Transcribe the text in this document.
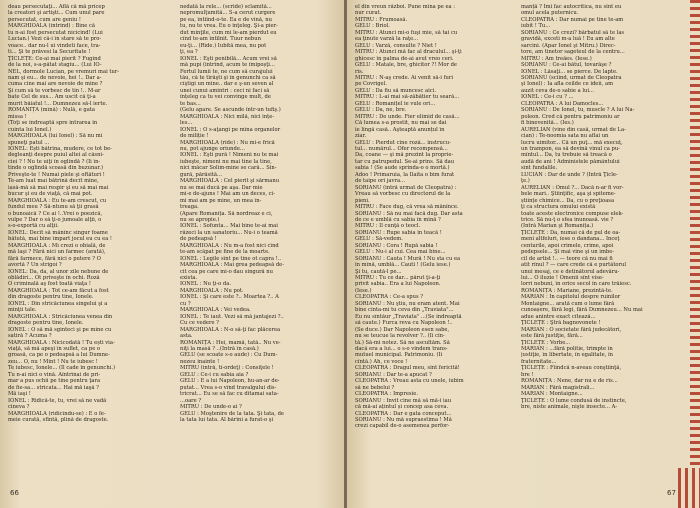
deau persecutaţi... Află că mă pricep

la creatori şi artişti... Cum unul pare

persecutat, cum are geniu !

MARGHIOALA (intrînd) : Bine că

tu n-ai fost persecutat nicicînd! (Lui

Lucian.) Vezi că-i în stare să te pro-

voace.. dar nu-l ui vindeti face, tra-

ti... Şi te prăvesi la Securitate !

ŢICLEȚE: Ce-ai mai pierit ? Fugind

de la noi, s-a-pătat stagiu... (Lui IO-

NEL, dormole Lucian, pe vremuri mai tur-

nam şi eu... de nevoie, hei !.. Dar a-

cuma cine mai are nevoie de mine ?

Şi cum să te vorbesc de tin !.. M-ar

bate Cel de sus... Am uscit că ţi-a

murit băiatul !... Dumnezeu să-l ierte.

ROMANIȚA (mînă) : Nulă, e gata

missa !

(Toţi se îndreaptă spre intrarea în

cuinta lui Ionel.)

MARGHIOALA (lui Ionel) : Să nu mi

spuneţi patul ...

IONEL: Ești bătrîna, mudere, ce tot be-

degleanţi despre puiul altei al căsni-

ciei ? ! Nu te uiţi în oglindă ? (Îi în-

tinde o oglindă scoasă din buzunar.)

Priveşte-te ! Numai piele şi oftături !

Te-am luat mai bătrînă decît mine,

iasă-mă să mai respir şi eu să mai mai

bucur şi eu de viaţă, că mai pot.

MARGHIOALA : Eu te-am crescut, cu

fundul meu ? Să-ntunu să ţii grasă

o bunoaică ? Ce ai !..Vrei o poezică,

vulpe ? Dar o să ţi-o jumoale alţii, o

s-o-exportă cu alţii.

IONEL: Decît să mănînc singur foame

bătută, mai bine împart jocul eu cu ea !

MARGHIOALA : Mi crezi o obială, de

mă laşi ? Fără nici un farmec (arată),

fără farmece, fără nici o putere ? O

avortă ? Un strigoi ?

IONEL: Da, da, al unor zile nebune de

oblădiri... Ot priveşte în ochi. Roză

O criminală aş fost toată viaţa !

MARGHIOALA : Tot ce-am făcut a fost

din dragoste pentru tine, Ionele.

IONEL : Din stricăciunea singelui şi a

minţii tale.

MARGHIOALA : Stricăciunea venea din

dragoste pentru tine, Ionele.

IONEL : O să mă sginteci şi pe mine cu

satiră ? Acuma ?

MARGHIOALA : Nicicodată ! Tu ești via-

viaţă, să mă apeşi în suflet, ca pe o

groasă, ca pe o pedeapsă a lui Dumne-

zeu... O, nu ! Mint ! Nu te iubesc !

Te iubesc, Ionele... (Îl cade în genunchi.)

Tu n-ai nici o vină. Aîntrînai de pri-

mar a pus ochii pe tine pentru ţara

de fie-sa... stricata... Hai mă iaşă ?

Mă iaşi !

IONEL : Ridică-te, tu, vrei să ne vadă

cineva ?

MARGHIOALA (ridicîndu-se) : E o fe-

meie curată, sfîntă, plină de dragoste.

nedată la rele... (scride) sclamită...

nepromulţumită... S-a cerut curgere

pe ea, întiînd-o-te. Ea e de vină, nu

tu, nu te vrea. Eu o înţeleg. Şi-a pier-

dut minţile, cum mi le-am pierdut eu

cînd te-am întîlnit. Tuur nebun

eu-ţi... (Rîde.) Iubită mea, nu pot

ţi, ea ?

IONEL : Eşti penibilă... Acum vrei să

mă pupi (intrînd, acum te îmipoșţi...

Fertul lumii te, ne cum să curajului

tău, că te tîrăşti şi în genunchi ca să

cîştigi un mine.. dar e ş-un seven al

unei cunui amintri : ceci ni faci să

înțeleg ca tu vei convinge mult, de

te bas...

(Gelu apare. Se ascunde într-un tufiş.)

MARGHIOALA : Nici mîlă, nici înțe-

les...

IONEL : O s-aţangi pe mîna organelor

de miliție !

MARGHIOALA (rîde) : Nu mi-e frică

nu, pot ajunge oriunde...

IONEL : Eşti pură ! Nimeni nu te mai

iubeşte, nimeni nu mai tine la tine,

nici măcar Solim-mine se cară... Sin-

gură, părăsită...

MARGHIOALA : Cel pierit şi sărmanu

nu se mai ducă pe aşa. Dar mie

mi-e de-ajuns ! Mai am un deces, ci-

mi mai am pe mine, un mea în-

treaga.

(Apare Romanița. Să nordreaz e ci,

nu se apropie.)

IONEL : Sofunta... Mai bine te-ai mai

răzeci la un sanatoriu... Nu-i o teamă

de pedeapsă !

MARGHIOALA : Nu m-a fost nici cînd

te-am scăpat pe fine de la moarte.

IONEL : Legile sînt pe tine ot capra !..

MARGHIOALA : Mai grea pedeapsă de-

cit cea pe care mi-o dau singură nu

exista.

IONEL : Nu ţi-o da.

MARGHIOALA : Nu pot.

IONEL : Şi care este ?.. Moartea ?.. A

cu ?

MARGHIOALA : Vei vedea.

IONEL : Te iaut. Vezi să mă jantajezi ?..

Cu ce vedere ?

MARGHIOALA : N-o să-ţi fac plăcerea

asta.

ROMANIȚA : Hei, mamă, tată.. Nu ve-

niţi la masă ? ..(Intră în casă.)

GELU (se scoate s-o aude) : Cu Dum-

nezeu înainte !

MITRU (intră, tî-ordeţ) : Consiţele !

GELU : Ce-i cu sabia aia ?

GELU : E a lui Napoleon, hu-an-ar de-

putat... Vrea s-o vînd travalgului dis-

tricrat... Eu se să fac cu ditamai sata-

...oare ?

MITRU : De unde-o ai ?

GELU : Moştenire de la tata. Şi tata, de

la tata lui tata. Al bărîni a furat-o şi

66

el din vreun război. Pune mîna pe ea :

nur curat.

MITRU : Frumoasă.

GELU : Briol.

MITRU : Atunci mi-o fuşi mie, să tai cu

ea ţinute varză la raţe...

GELU : Varză, consulte ? Niet !

MITRU : Atunci mă fac al draculul... şi-ţi

ghicesc în palma de-ai avut vreo ceri.

GELU : Matale, bre, ghicitor ?! Mor de

rîs.

MITRU : N-aş crede. Ai venit să-i furi

pe Covrigel.

GELU : Da fiu să muncesc aici.

MITRU : L-ai mai să-zăbătier tu seară...

GELU : Romanițel ie vule ori...

GELU : Da, ne, bre.

MITRU : De unde. Fier elimid de casă...

Că lumea s-a prostit, nu mai se dai

ie lîngă casă.. Aşteaptă anunțul în

ziar.

GELU : Pierdut cine roză... instrucu-

tul... numărul... Ofer recompensă...

Da, coane — şi mă prezint la proprie-

tar cu patrupedul. Se-ai prins. Să dau

sabia ! (Se aude sprinda-o o mortă.)

Adoo ! Primaruia, la Ilaita o bim furat

de taipe ori javra...

SORIANU (intră urmat de Cleopatra) :

Vreau să vorbesc cu directorul de la

pieni.

MITRU : Face dug, că vrea să mănînce.

SORIANU : Să nu mai facă dug. Dar asta

de ce e umblă cu sabia în mînă ?

MITRU : Îl cunţă o teocl.

SORIANU : Rupe sabia în teacă !

GELU : Să-vedem.

SORIANU : Cora ! Rupă sabia !

GELU : Nu-i al cui. Cea mai bine...

SORIANU : Cauta ! Mură ! Nu sta cu ea

în mînă, umblă... Cauti ! (Gelu iese.)

Şi tu, caută-l pe...

MITRU : Tu ce dar... părut ţi-a-ţi

privit sabia.. Era a lui Napoleon.

(Iese.)

CLEOPATRA : Ce-a spus ?

SORIANU : Nu ştiu, nu eram atent. Mai

bine cînta-mi tu ceva din „Traviata"...

Eu nu sîntăur „Traviata" ...(Se îndreaptă

să caute.) Furca reva cu Napoleon !..

(Se duce.) Dar Napoleon esen sabe,

nu se teucue la revolver ?.. (Îi cîn-

tă.) Să-mi notez. Să ne ascultăm. Să

dacă era a lui... o s-o vindem trans-

mutuel municipal. Patrimoniu. (Îi

cîntă.) Ah, ce voce !

CLEOPATRA : Dragul meu, sînt fericită!

SORIANU : Dar te-a apucat ?

CLEOPATRA : Vreau asta cu unele, iubim

să ne bebelui ?

CLEOPATRA : Impresie.

SORIANU : Invit cine mă să mă-i iau

că mă-ai ațintul și concep asa ceva.

CLEOPATRA : Dar e gata conceput...

SORIANU : Nu mă supraestima ! Mă

crezi capabil de-o asemenea perfor-

manță ? Îmi fac autocritica, nu sînt eu

omul acela puternicu.

CLEOPATRA : Dar numai pe tine te-am

iubit ! Tu...

SORIANU : Ce crezi? bărbatul să te las

gravidă, exceti m-a luă ! Eu am alte

sarcini. (Apar Ionel şi Mitru.) Direc-

tore, am tinetor sageteul de la centru...

MITRU : Am treăes. (Iese.)

SORIANU : Ce-ai bătul, tovarăşe ?

IONEL : Lăsaţi... se pierce. De lapte.

SORIANU (sciind, urmat de Cleopatra

şi Ionel) : Ia afla ceilde ce ideii, am

auzit ceva de-o sabie a lui...

IONEL : Ce-i cu ? ...

CLEOPATRA : A lui Damocles...

SORIANU : De Ionel, tu, muscle ? A lui Na-

poleon. Cred că pentru patrimoniu ar

fi binevenită... (Ies.)

AURELIAN (vine din casă, urmat de La-

cian) : Te-noomia sata nu aflai un

lucru uimitor... Că un puţ... mă execuț,

un trampon, ea să devină vinul ca pu-

mîntul... Da, tu trebuie să treacă o

audă de ani ! Administele pământului

sînt fundalile.

LUCIAN : Dar de unde ? (Intră Ţicle-

ţe.)

AURELIAN : Omul ?... Dacă n-ar fi vor-

bele mari.. Ştiinţific, aşa şi spiteme-

științe chimice... Da, cu o preţioasa

ţi ca structura omului există

toate aceste electronice compuse elek-

trice. Să nu-ţ o sfea inunoasă. vie ?

(Intră Marian şi Romanița.)

ŢICLEȚE : Da, numai că de pul de oa-

meni altfeluri, îese o dandana... Înceţ

centurile, apoi crimele, crime, apoi

pedepsele... Şi mai vine şi un imbe-

cil de artist !.. — teore că nu mai fi

atît rînul ? — care crede că e purtătorul

unui mesaj, ce e detinătorul adevăru-

lui... O iluzie ! Omenii sînt vise-

lorri nebuni, în orice secol în care trăiesc.

ROMANIȚA : Mariane, prezintă-te.

MARIAN : În capitolul despre ruinilor

Montaigne... arată cum o lume fără

cunoașere, fără legi, fără Dumnezeu... Nu mai

adue anintre exact cîtează...

ŢICLEȚE : Ştră bagnovonete !

MARIAN : O societate fără judecători,

este fără justiţie, fără...

ŢICLEȚE : Vorbe...

MARIAN : ...fără politie, trimpte în

justiţie, în libertate, în egalitate, în

fraternitate...

ŢICLEȚE : Fiindcă n-aveau conştiinţă,

bre !

ROMANIȚA : Nene, dar nu e de rîs...

MARIAN : Fără magistrali...

MARIAN : Montaigne...

ŢICLEȚE : O lume condusă de instincte,

bre, niste animale, nişte insecte... A-

67
